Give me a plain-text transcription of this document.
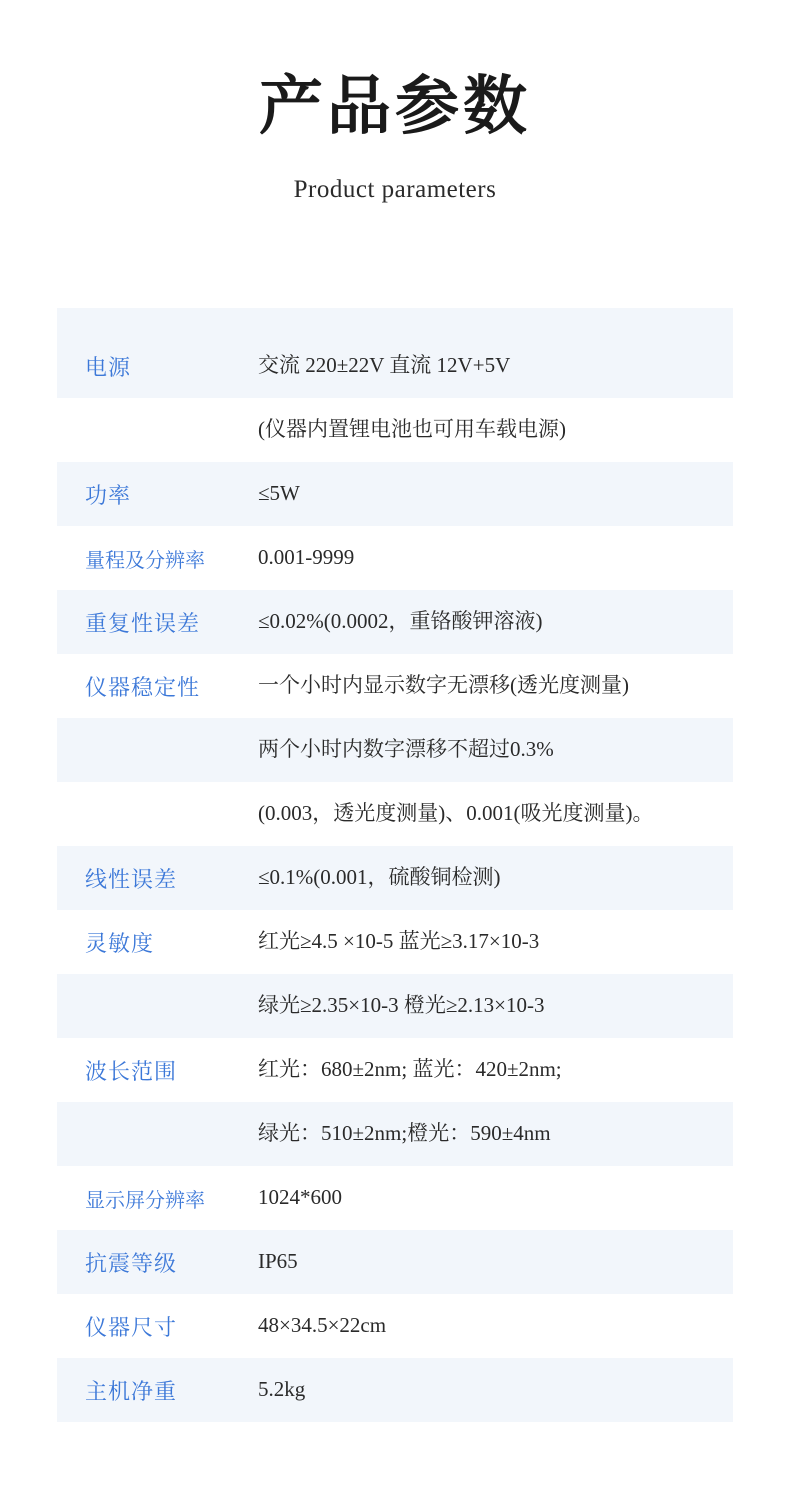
产品参数
Product parameters
电源	交流 220±22V 直流 12V+5V
(仪器内置锂电池也可用车载电源)
功率	≤5W
量程及分辨率	0.001-9999
重复性误差	≤0.02%(0.0002，重铬酸钾溶液)
仪器稳定性	一个小时内显示数字无漂移(透光度测量)
两个小时内数字漂移不超过0.3%
(0.003，透光度测量)、0.001(吸光度测量)。
线性误差	≤0.1%(0.001，硫酸铜检测)
灵敏度	红光≥4.5 ×10-5 蓝光≥3.17×10-3
绿光≥2.35×10-3 橙光≥2.13×10-3
波长范围	红光：680±2nm; 蓝光：420±2nm;
绿光：510±2nm;橙光：590±4nm
显示屏分辨率	1024*600
抗震等级	IP65
仪器尺寸	48×34.5×22cm
主机净重	5.2kg
